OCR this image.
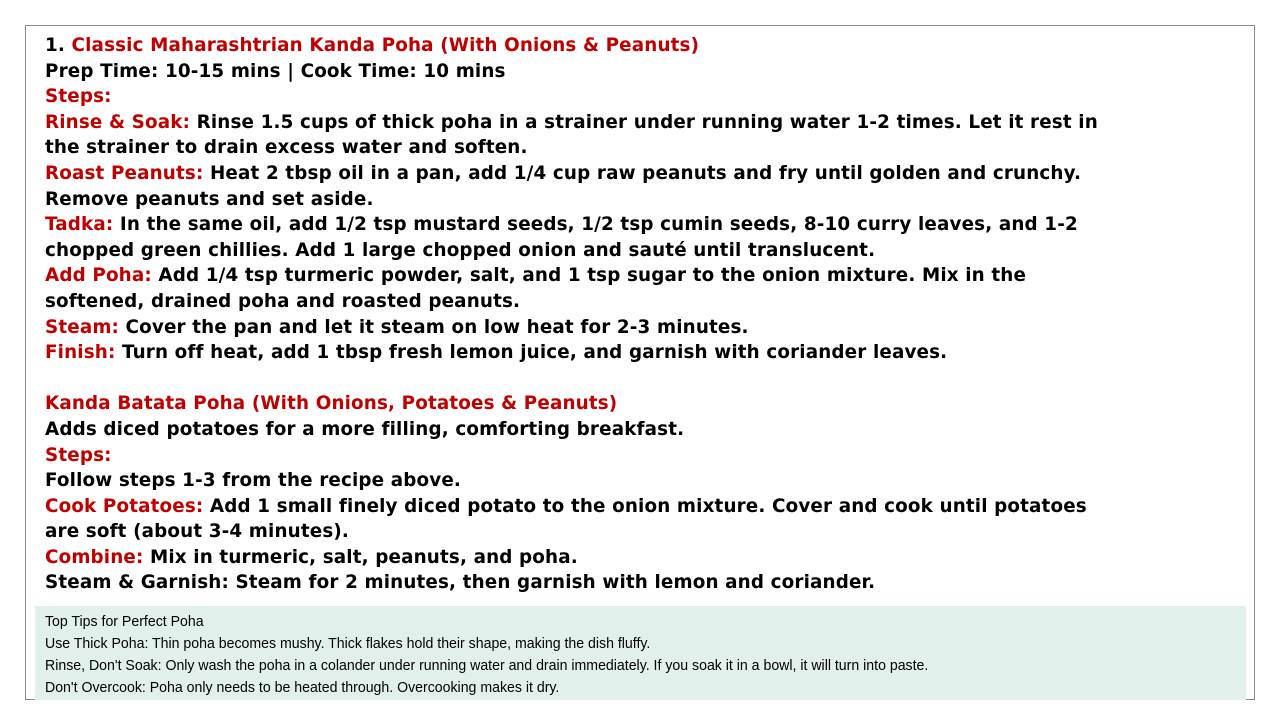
1. Classic Maharashtrian Kanda Poha (With Onions & Peanuts)
Prep Time: 10-15 mins | Cook Time: 10 mins
Steps:
Rinse & Soak: Rinse 1.5 cups of thick poha in a strainer under running water 1-2 times. Let it rest in
the strainer to drain excess water and soften.
Roast Peanuts: Heat 2 tbsp oil in a pan, add 1/4 cup raw peanuts and fry until golden and crunchy.
Remove peanuts and set aside.
Tadka: In the same oil, add 1/2 tsp mustard seeds, 1/2 tsp cumin seeds, 8-10 curry leaves, and 1-2
chopped green chillies. Add 1 large chopped onion and sauté until translucent.
Add Poha: Add 1/4 tsp turmeric powder, salt, and 1 tsp sugar to the onion mixture. Mix in the
softened, drained poha and roasted peanuts.
Steam: Cover the pan and let it steam on low heat for 2-3 minutes.
Finish: Turn off heat, add 1 tbsp fresh lemon juice, and garnish with coriander leaves.
Kanda Batata Poha (With Onions, Potatoes & Peanuts)
Adds diced potatoes for a more filling, comforting breakfast.
Steps:
Follow steps 1-3 from the recipe above.
Cook Potatoes: Add 1 small finely diced potato to the onion mixture. Cover and cook until potatoes
are soft (about 3-4 minutes).
Combine: Mix in turmeric, salt, peanuts, and poha.
Steam & Garnish: Steam for 2 minutes, then garnish with lemon and coriander.
Top Tips for Perfect Poha
Use Thick Poha: Thin poha becomes mushy. Thick flakes hold their shape, making the dish fluffy.
Rinse, Don't Soak: Only wash the poha in a colander under running water and drain immediately. If you soak it in a bowl, it will turn into paste.
Don't Overcook: Poha only needs to be heated through. Overcooking makes it dry.
